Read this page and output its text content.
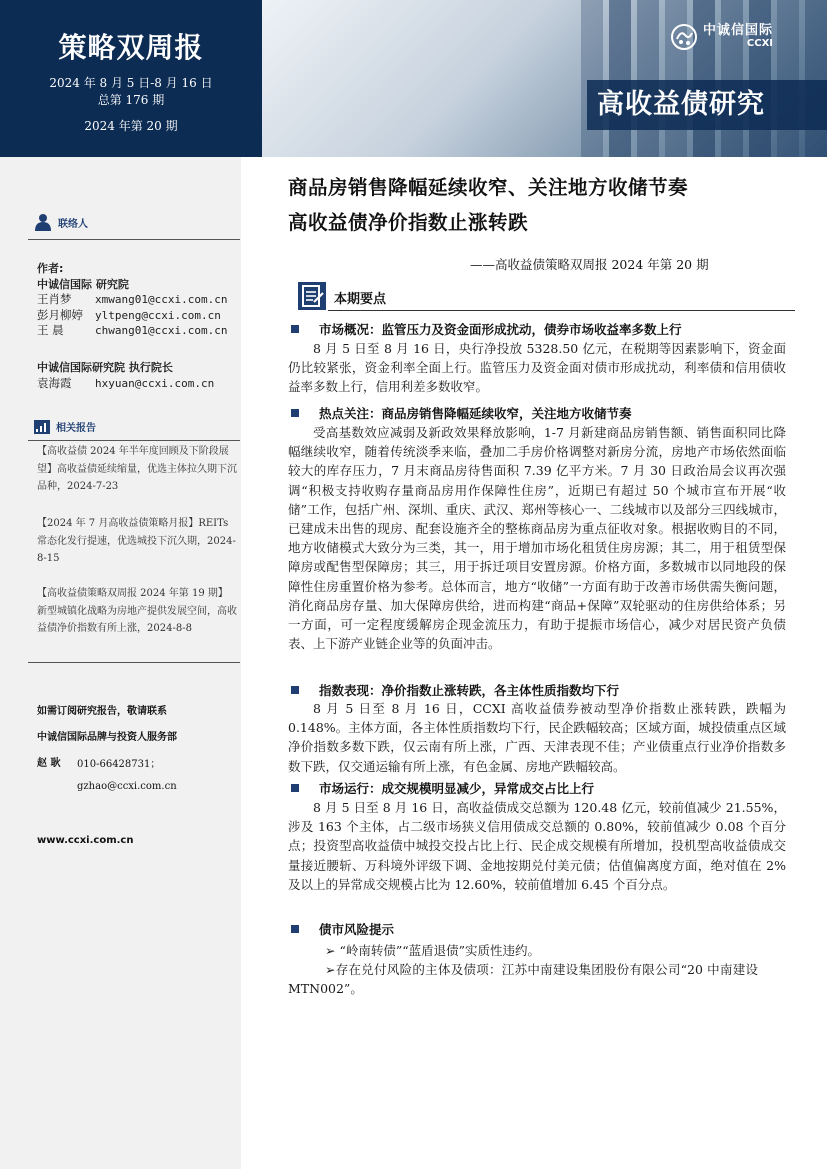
策略双周报
2024 年 8 月 5 日-8 月 16 日
总第 176 期
2024 年第 20 期
高收益债研究
中诚信国际
CCXI
联络人
作者:
中诚信国际 研究院
王肖梦 xmwang01@ccxi.com.cn
彭月柳婷 yltpeng@ccxi.com.cn
王 晨	chwang01@ccxi.com.cn
中诚信国际研究院 执行院长
袁海霞 hxyuan@ccxi.com.cn
相关报告
【高收益债 2024 年半年度回顾及下阶段展望】高收益债延续缩量，优选主体拉久期下沉品种，2024-7-23
【2024 年 7 月高收益债策略月报】REITs 常态化发行提速，优选城投下沉久期，2024-8-15
【高收益债策略双周报 2024 年第 19 期】新型城镇化战略为房地产提供发展空间，高收益债净价指数有所上涨，2024-8-8
如需订阅研究报告，敬请联系
中诚信国际品牌与投资人服务部
赵 耿 010-66428731；
gzhao@ccxi.com.cn
www.ccxi.com.cn
商品房销售降幅延续收窄、关注地方收储节奏
高收益债净价指数止涨转跌
——高收益债策略双周报 2024 年第 20 期
本期要点
市场概况：监管压力及资金面形成扰动，债券市场收益率多数上行

8 月 5 日至 8 月 16 日，央行净投放 5328.50 亿元，在税期等因素影响下，资金面仍比较紧张，资金利率全面上行。监管压力及资金面对债市形成扰动，利率债和信用债收益率多数上行，信用利差多数收窄。

热点关注：商品房销售降幅延续收窄，关注地方收储节奏

受高基数效应减弱及新政效果释放影响，1-7 月新建商品房销售额、销售面积同比降幅继续收窄，随着传统淡季来临，叠加二手房价格调整对新房分流，房地产市场依然面临较大的库存压力，7 月末商品房待售面积 7.39 亿平方米。7 月 30 日政治局会议再次强调“积极支持收购存量商品房用作保障性住房”，近期已有超过 50 个城市宣布开展“收储”工作，包括广州、深圳、重庆、武汉、郑州等核心一、二线城市以及部分三四线城市，已建成未出售的现房、配套设施齐全的整栋商品房为重点征收对象。根据收购目的不同，地方收储模式大致分为三类，其一，用于增加市场化租赁住房房源；其二，用于租赁型保障房或配售型保障房；其三，用于拆迁项目安置房源。价格方面，多数城市以同地段的保障性住房重置价格为参考。总体而言，地方“收储”一方面有助于改善市场供需失衡问题，消化商品房存量、加大保障房供给，进而构建“商品+保障”双轮驱动的住房供给体系；另一方面，可一定程度缓解房企现金流压力，有助于提振市场信心，减少对居民资产负债表、上下游产业链企业等的负面冲击。

指数表现：净价指数止涨转跌，各主体性质指数均下行

8 月 5 日至 8 月 16 日，CCXI 高收益债券被动型净价指数止涨转跌，跌幅为 0.148%。主体方面，各主体性质指数均下行，民企跌幅较高；区域方面，城投债重点区域净价指数多数下跌，仅云南有所上涨，广西、天津表现不佳；产业债重点行业净价指数多数下跌，仅交通运输有所上涨，有色金属、房地产跌幅较高。

市场运行：成交规模明显减少，异常成交占比上行

8 月 5 日至 8 月 16 日，高收益债成交总额为 120.48 亿元，较前值减少 21.55%，涉及 163 个主体，占二级市场狭义信用债成交总额的 0.80%，较前值减少 0.08 个百分点；投资型高收益债中城投交投占比上行、民企成交规模有所增加，投机型高收益债成交量接近腰斩、万科境外评级下调、金地按期兑付美元债；估值偏离度方面，绝对值在 2%及以上的异常成交规模占比为 12.60%，较前值增加 6.45 个百分点。

债市风险提示
➢ “岭南转债”“蓝盾退债”实质性违约。

➢存在兑付风险的主体及债项：江苏中南建设集团股份有限公司“20 中南建设 MTN002”。
